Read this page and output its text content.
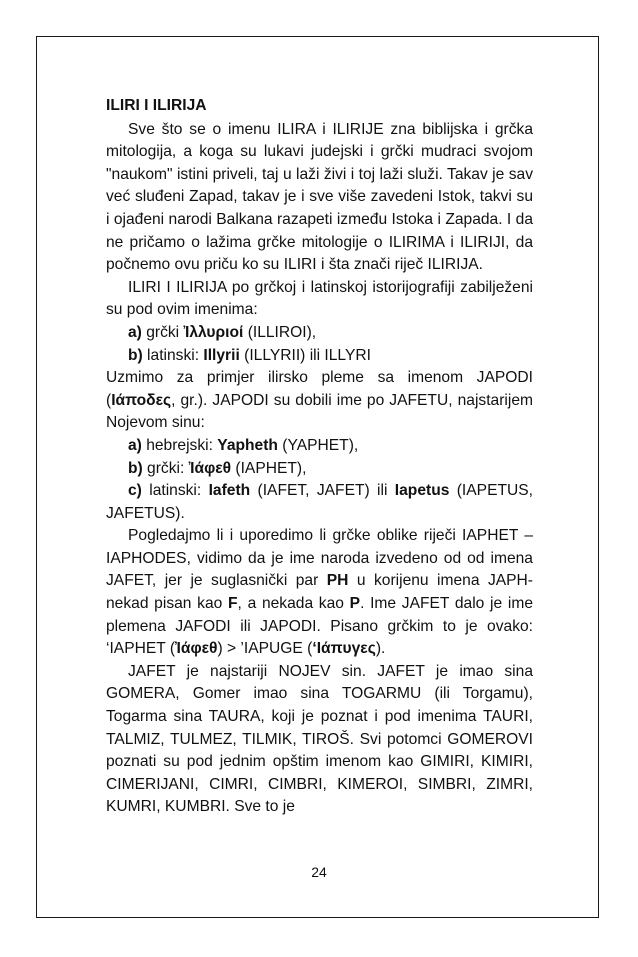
ILIRI I ILIRIJA

Sve što se o imenu ILIRA i ILIRIJE zna biblijska i grčka mitologija, a koga su lukavi judejski i grčki mudraci svojom "naukom" istini priveli, taj u laži živi i toj laži služi. Takav je sav već sluđeni Zapad, takav je i sve više zavedeni Istok, takvi su i ojađeni narodi Balkana razapeti između Istoka i Zapada. I da ne pričamo o lažima grčke mitologije o ILIRIMA i ILIRIJI, da počnemo ovu priču ko su ILIRI i šta znači riječ ILIRIJA.

ILIRI I ILIRIJA po grčkoj i latinskoj istorijografiji zabilježeni su pod ovim imenima:

a) grčki Ἰλλυριοί (ILLIROI),

b) latinski: Illyrii (ILLYRII) ili ILLYRI

Uzmimo za primjer ilirsko pleme sa imenom JAPODI (Ιάποδες, gr.). JAPODI su dobili ime po JAFETU, najstarijem Nojevom sinu:

a) hebrejski: Yapheth (YAPHET),

b) grčki: Ἰάφεθ (IAPHET),

c) latinski: Iafeth (IAFET, JAFET) ili Iapetus (IAPETUS, JAFETUS).

Pogledajmo li i uporedimo li grčke oblike riječi IAPHET – IAPHODES, vidimo da je ime naroda izvedeno od od imena JAFET, jer je suglasnički par PH u korijenu imena JAPH- nekad pisan kao F, a nekada kao P. Ime JAFET dalo je ime plemena JAFODI ili JAPODI. Pisano grčkim to je ovako: ‘IAPHET (Ἰάφεθ) > ’IAPUGE (‘Ιάπυγες).

JAFET je najstariji NOJEV sin. JAFET je imao sina GOMERA, Gomer imao sina TOGARMU (ili Torgamu), Togarma sina TAURA, koji je poznat i pod imenima TAURI, TALMIZ, TULMEZ, TILMIK, TIROŠ. Svi potomci GOMEROVI poznati su pod jednim opštim imenom kao GIMIRI, KIMIRI, CIMERIJANI, CIMRI, CIMBRI, KIMEROI, SIMBRI, ZIMRI, KUMRI, KUMBRI. Sve to je

24
